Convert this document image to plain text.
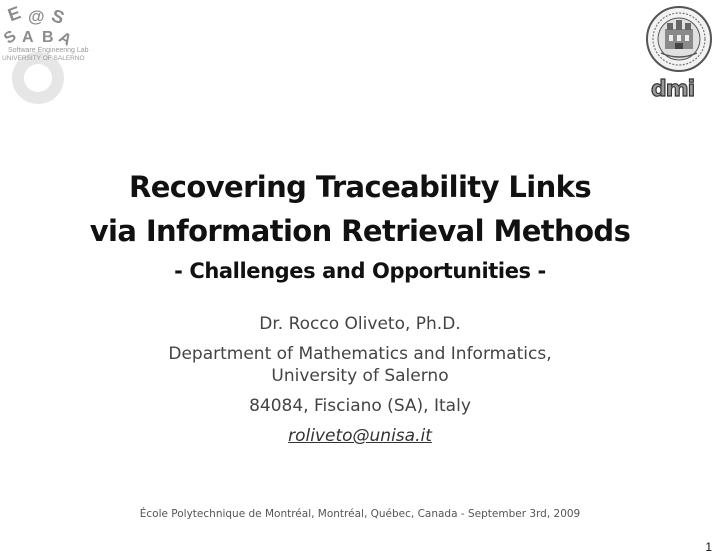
E @ S
S A B A
Software Engineering Lab
UNIVERSITY OF SALERNO
dmi
Recovering Traceability Links
via Information Retrieval Methods
- Challenges and Opportunities -
Dr. Rocco Oliveto, Ph.D.
Department of Mathematics and Informatics,
University of Salerno
84084, Fisciano (SA), Italy
roliveto@unisa.it
École Polytechnique de Montréal, Montréal, Québec, Canada - September 3rd, 2009
1
